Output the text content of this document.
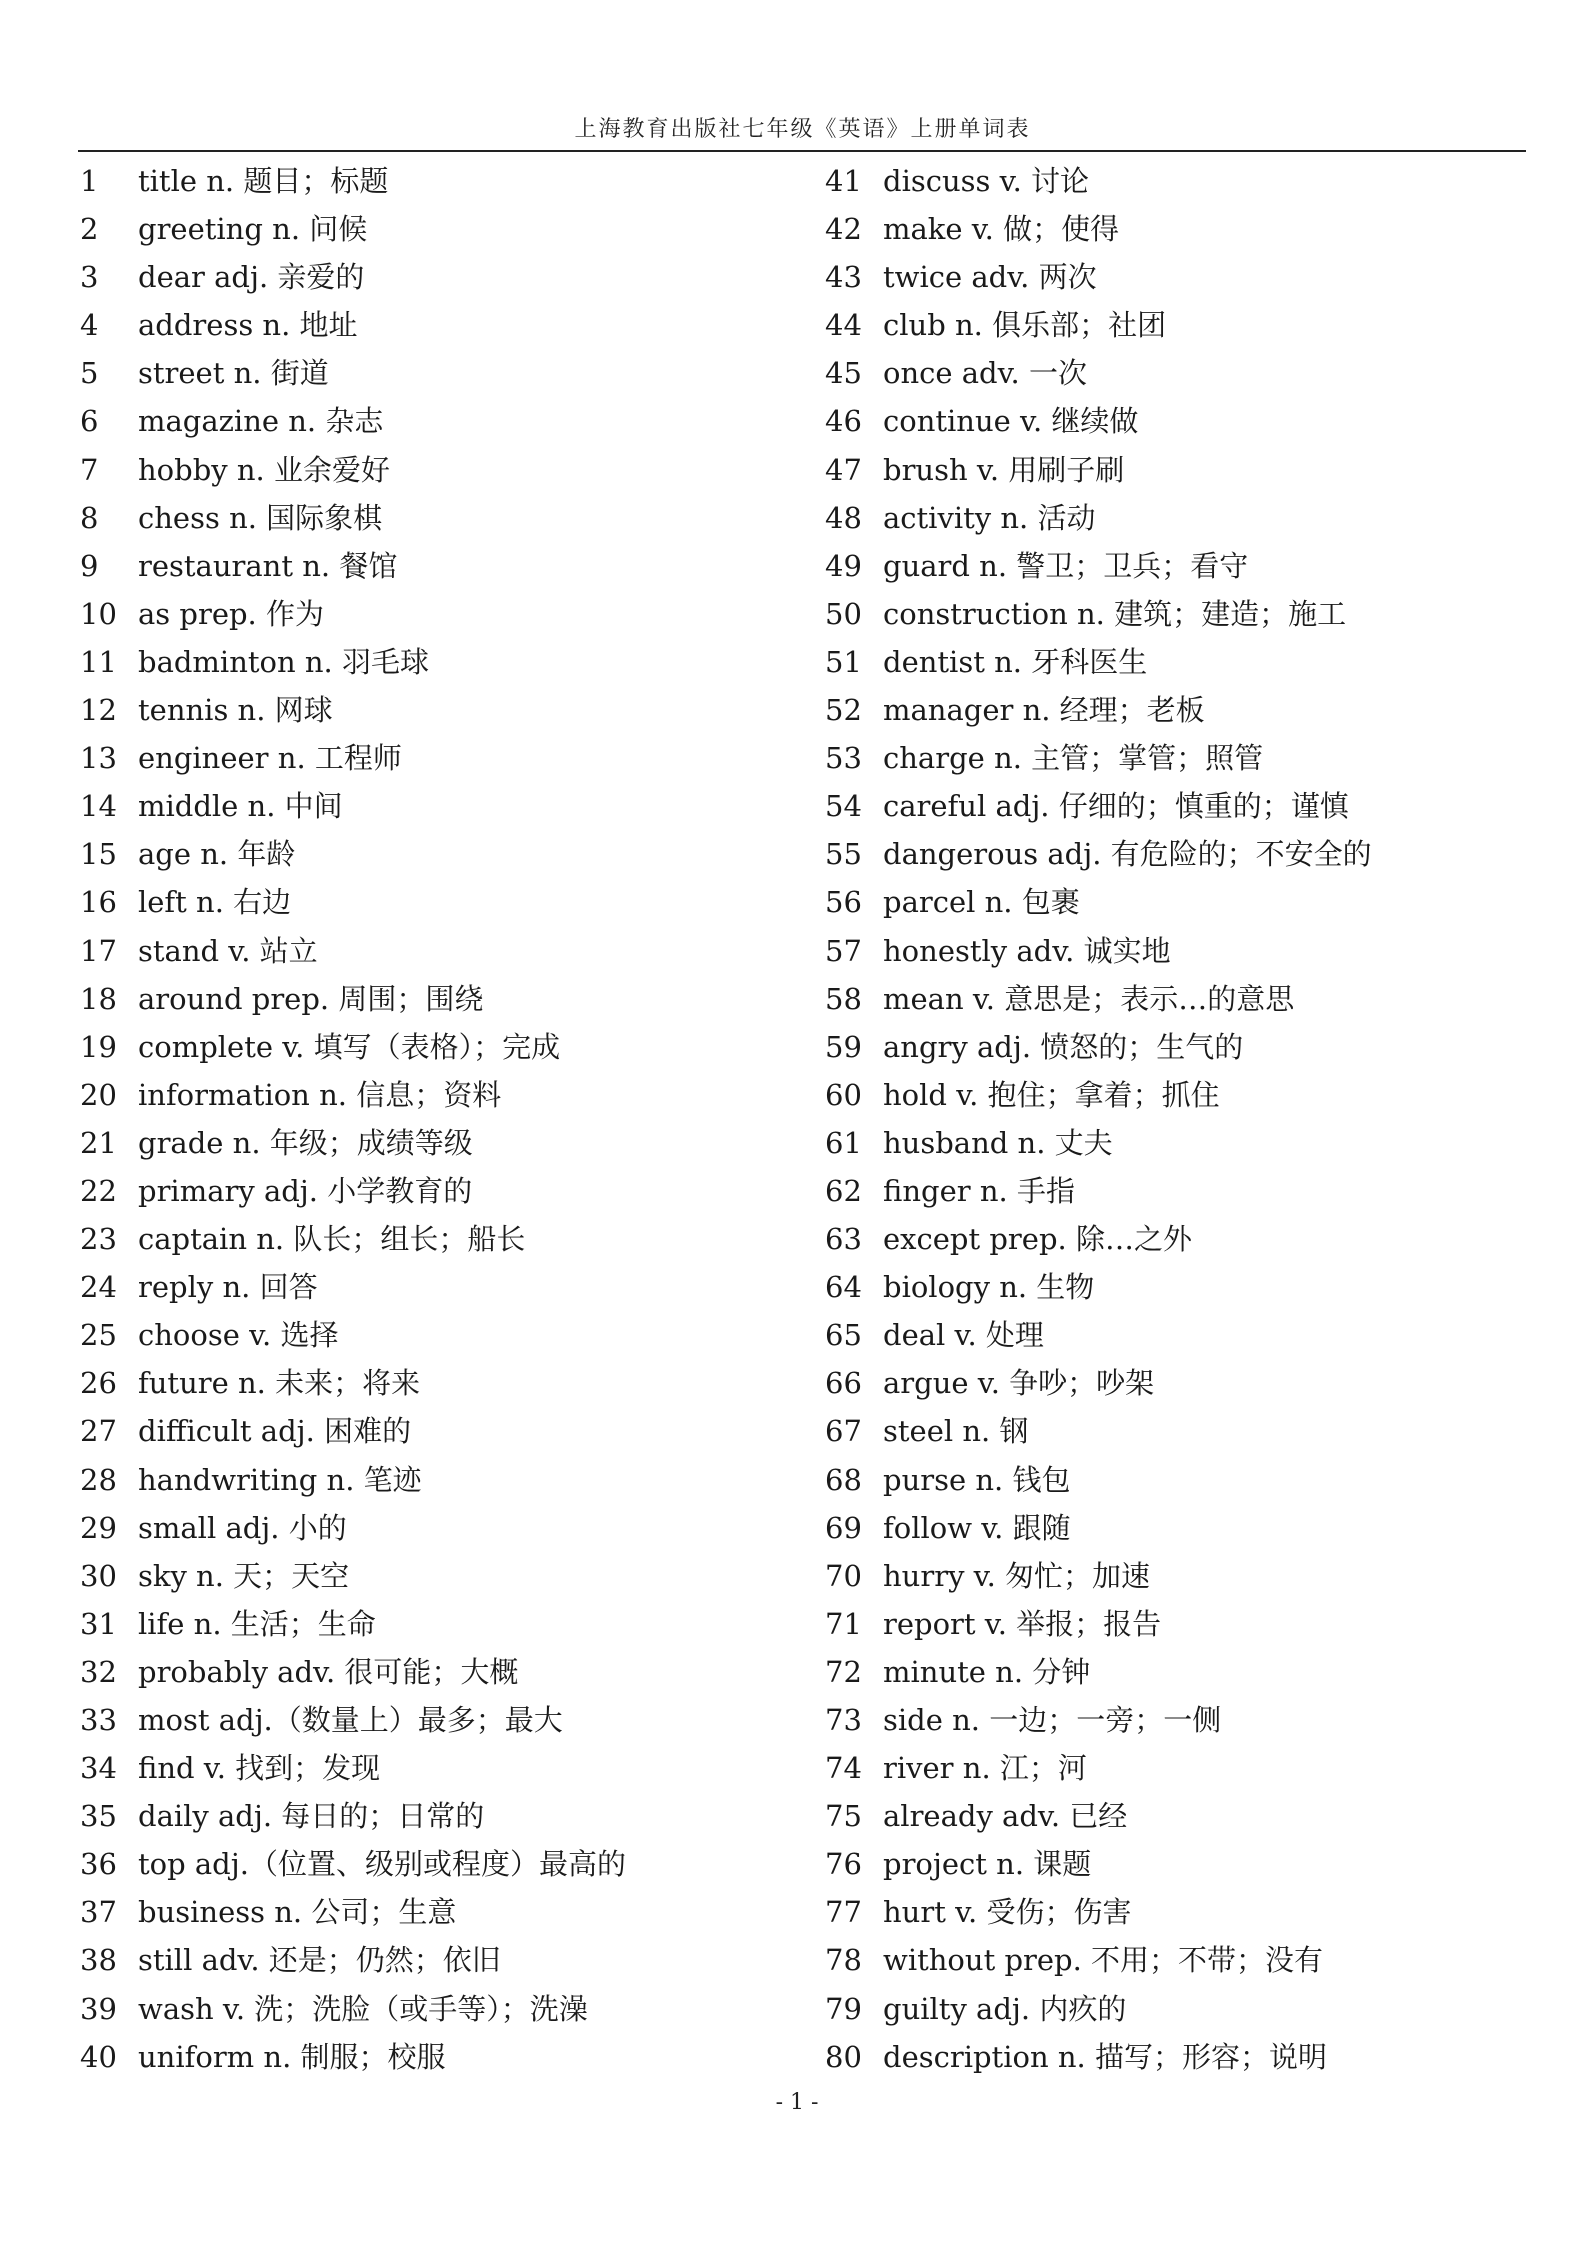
上海教育出版社七年级《英语》上册单词表
1	title n. 题目；标题
2	greeting n. 问候
3	dear adj. 亲爱的
4	address n. 地址
5	street n. 街道
6	magazine n. 杂志
7	hobby n. 业余爱好
8	chess n. 国际象棋
9	restaurant n. 餐馆
10 as prep. 作为
11 badminton n. 羽毛球
12 tennis n. 网球
13 engineer n. 工程师
14 middle n. 中间
15 age n. 年龄
16 left n. 右边
17 stand v. 站立
18 around prep. 周围；围绕
19 complete v. 填写（表格）；完成
20 information n. 信息；资料
21 grade n. 年级；成绩等级
22 primary adj. 小学教育的
23 captain n. 队长；组长；船长
24 reply n. 回答
25 choose v. 选择
26 future n. 未来；将来
27 difficult adj. 困难的
28 handwriting n. 笔迹
29 small adj. 小的
30 sky n. 天；天空
31 life n. 生活；生命
32 probably adv. 很可能；大概
33 most adj.（数量上）最多；最大
34 find v. 找到；发现
35 daily adj. 每日的；日常的
36 top adj.（位置、级别或程度）最高的
37 business n. 公司；生意
38 still adv. 还是；仍然；依旧
39 wash v. 洗；洗脸（或手等）；洗澡
40 uniform n. 制服；校服
41 discuss v. 讨论
42 make v. 做；使得
43 twice adv. 两次
44 club n. 俱乐部；社团
45 once adv. 一次
46 continue v. 继续做
47 brush v. 用刷子刷
48 activity n. 活动
49 guard n. 警卫；卫兵；看守
50 construction n. 建筑；建造；施工
51 dentist n. 牙科医生
52 manager n. 经理；老板
53 charge n. 主管；掌管；照管
54 careful adj. 仔细的；慎重的；谨慎
55 dangerous adj. 有危险的；不安全的
56 parcel n. 包裹
57 honestly adv. 诚实地
58 mean v. 意思是；表示…的意思
59 angry adj. 愤怒的；生气的
60 hold v. 抱住；拿着；抓住
61 husband n. 丈夫
62 finger n. 手指
63 except prep. 除…之外
64 biology n. 生物
65 deal v. 处理
66 argue v. 争吵；吵架
67 steel n. 钢
68 purse n. 钱包
69 follow v. 跟随
70 hurry v. 匆忙；加速
71 report v. 举报；报告
72 minute n. 分钟
73 side n. 一边；一旁；一侧
74 river n. 江；河
75 already adv. 已经
76 project n. 课题
77 hurt v. 受伤；伤害
78 without prep. 不用；不带；没有
79 guilty adj. 内疚的
80 description n. 描写；形容；说明
- 1 -
